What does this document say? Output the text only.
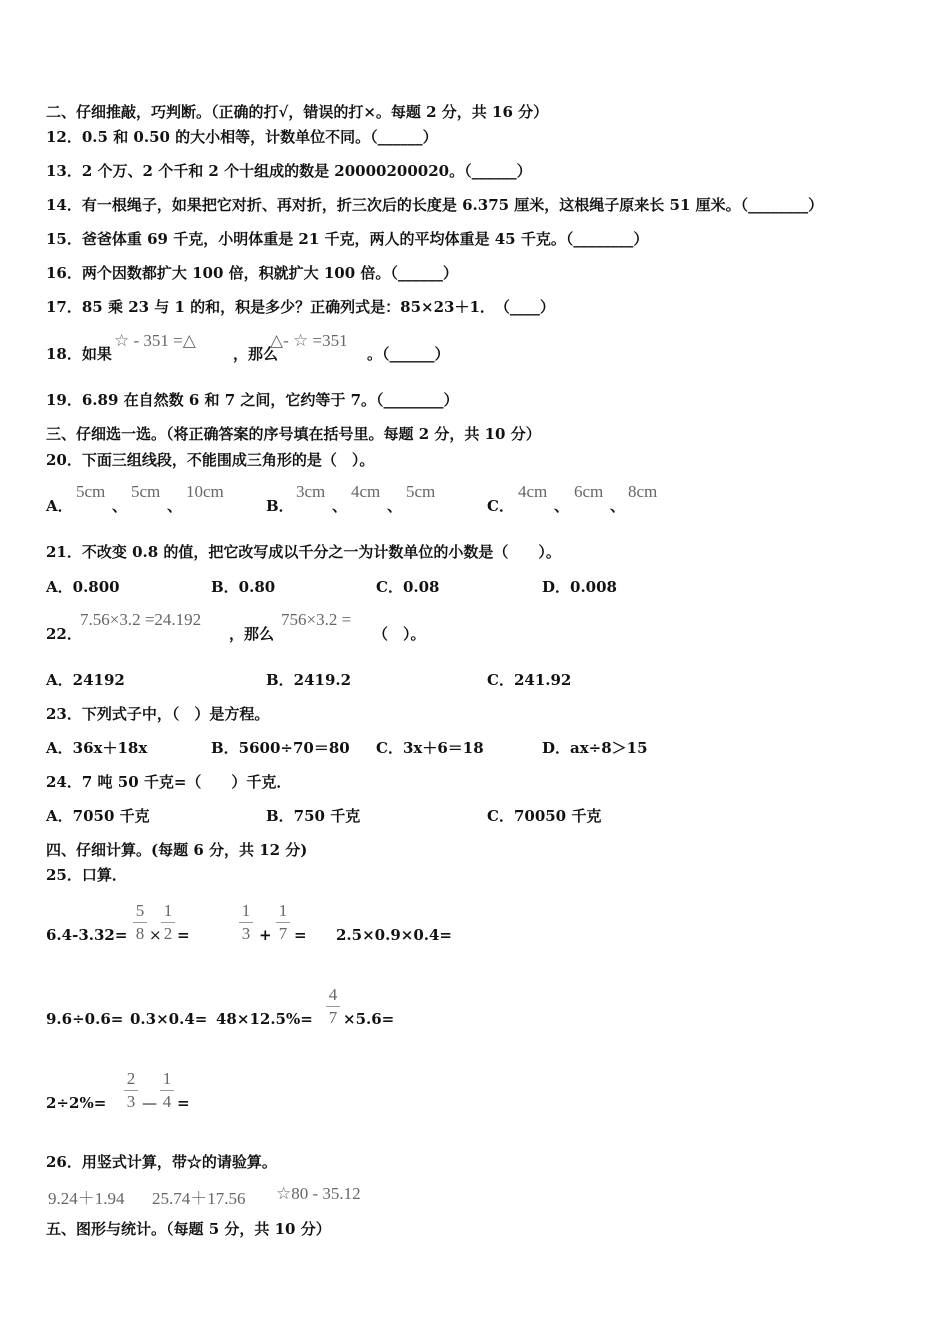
二、仔细推敲，巧判断。（正确的打√，错误的打×。每题 2 分，共 16 分）
12．0.5 和 0.50 的大小相等，计数单位不同。（______）
13．2 个万、2 个千和 2 个十组成的数是 20000200020。（______）
14．有一根绳子，如果把它对折、再对折，折三次后的长度是 6.375 厘米，这根绳子原来长 51 厘米。（________）
15．爸爸体重 69 千克，小明体重是 21 千克，两人的平均体重是 45 千克。（________）
16．两个因数都扩大 100 倍，积就扩大 100 倍。（______）
17．85 乘 23 与 1 的和，积是多少？正确列式是：85×23＋1．　（____）
18．如果
☆ - 351 =△
，那么
△- ☆ =351
。（______）
19．6.89 在自然数 6 和 7 之间，它约等于 7。（________）
三、仔细选一选。（将正确答案的序号填在括号里。每题 2 分，共 10 分）
20．下面三组线段，不能围成三角形的是（　）。
A．
5cm
、
5cm
、
10cm
B．
3cm
、
4cm
、
5cm
C．
4cm
、
6cm
、
8cm
21．不改变 0.8 的值，把它改写成以千分之一为计数单位的小数是（　　）。
A．0.800	B．0.80	C．0.08	D．0.008
22．
7.56×3.2 =24.192
，那么
756×3.2 =
（　）。
A．24192	B．2419.2	C．241.92
23．下列式子中，（　）是方程。
A．36x＋18x	B．5600÷70＝80 C．3x＋6＝18	D．ax÷8＞15
24．7 吨 50 千克=（　　）千克．
A．7050 千克	B．750 千克	C．70050 千克
四、仔细计算。(每题 6 分，共 12 分)
25．口算．
6.4-3.32=
5
8 ×
1
2 =
1
3 +
1
7 = 2.5×0.9×0.4=
9.6÷0.6= 0.3×0.4= 48×12.5%=
4
7 ×5.6=
2÷2%=
2
3 —
1
4 =
26．用竖式计算，带☆的请验算。
9.24＋1.94 25.74＋17.56 ☆80 - 35.12
五、图形与统计。（每题 5 分，共 10 分）
